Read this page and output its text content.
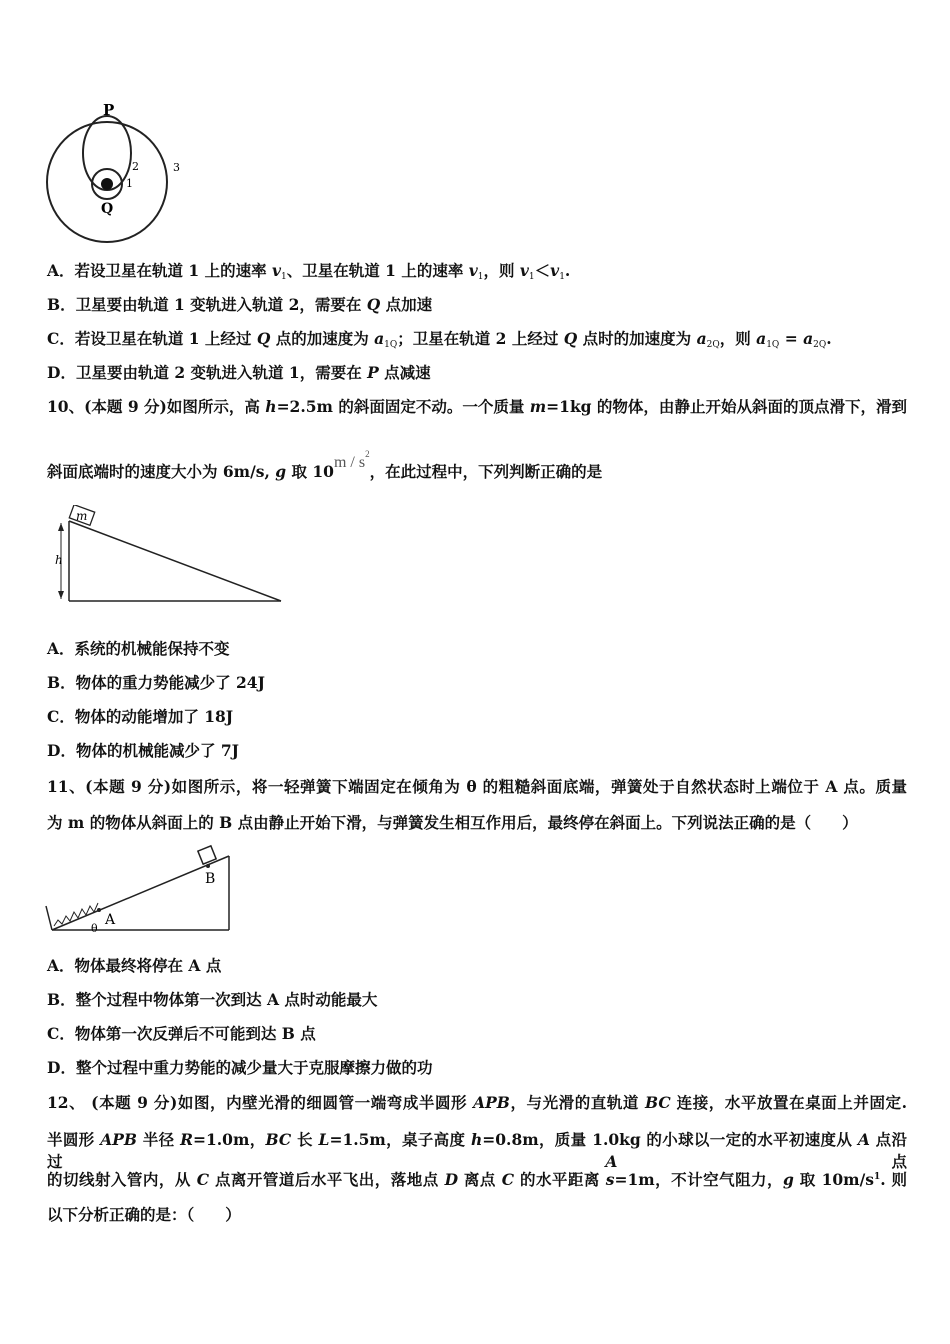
P
Q
2
1
3
A．若设卫星在轨道 1 上的速率 $v_1$、卫星在轨道 1 上的速率 $v_1$，则 $v_1<v_1$.
B．卫星要由轨道 1 变轨进入轨道 2，需要在 Q 点加速
C．若设卫星在轨道 1 上经过 Q 点的加速度为 $a_{1Q}$；卫星在轨道 2 上经过 Q 点时的加速度为 $a_{2Q}$，则 $a_{1Q} = a_{2Q}$.
D．卫星要由轨道 2 变轨进入轨道 1，需要在 P 点减速
10、(本题 9 分)如图所示，高 h=2.5m 的斜面固定不动。一个质量 m=1kg 的物体，由静止开始从斜面的顶点滑下，滑到
斜面底端时的速度大小为 6m/s, g 取 $10m / s^2$，在此过程中，下列判断正确的是
m
h
A．系统的机械能保持不变
B．物体的重力势能减少了 24J
C．物体的动能增加了 18J
D．物体的机械能减少了 7J
11、(本题 9 分)如图所示，将一轻弹簧下端固定在倾角为 θ 的粗糙斜面底端，弹簧处于自然状态时上端位于 A 点。质量
为 m 的物体从斜面上的 B 点由静止开始下滑，与弹簧发生相互作用后，最终停在斜面上。下列说法正确的是（　　）
B
A
θ
A．物体最终将停在 A 点
B．整个过程中物体第一次到达 A 点时动能最大
C．物体第一次反弹后不可能到达 B 点
D．整个过程中重力势能的减少量大于克服摩擦力做的功
12、 (本题 9 分)如图，内壁光滑的细圆管一端弯成半圆形 APB，与光滑的直轨道 BC 连接，水平放置在桌面上并固定.
半圆形 APB 半径 R=1.0m，BC 长 L=1.5m，桌子高度 h=0.8m，质量 1.0kg 的小球以一定的水平初速度从 A 点沿过 A 点
的切线射入管内，从 C 点离开管道后水平飞出，落地点 D 离点 C 的水平距离 s=1m，不计空气阻力，g 取 $10m/s^1$. 则
以下分析正确的是：（　　）
